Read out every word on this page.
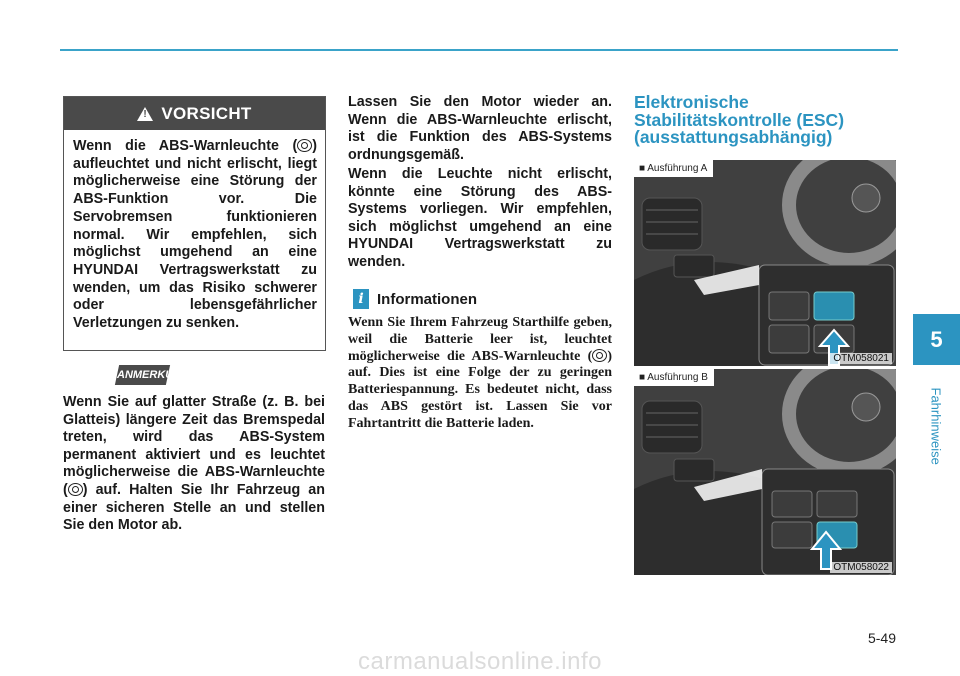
!
VORSICHT
Wenn die ABS-Warnleuchte ( ) aufleuchtet und nicht erlischt, liegt möglicherweise eine Störung der ABS-Funktion vor. Die Servobremsen funktionieren normal. Wir empfehlen, sich möglichst umgehend an eine HYUNDAI Vertragswerkstatt zu wenden, um das Risiko schwerer oder lebensgefährlicher Verletzungen zu senken.
ANMERKUNG
Wenn Sie auf glatter Straße (z. B. bei Glatteis) längere Zeit das Bremspedal treten, wird das ABS-System permanent aktiviert und es leuchtet möglicherweise die ABS-Warnleuchte ( ) auf. Halten Sie Ihr Fahrzeug an einer sicheren Stelle an und stellen Sie den Motor ab.

Lassen Sie den Motor wieder an. Wenn die ABS-Warnleuchte erlischt, ist die Funktion des ABS-Systems ordnungsgemäß.

Wenn die Leuchte nicht erlischt, könnte eine Störung des ABS-Systems vorliegen. Wir empfehlen, sich möglichst umgehend an eine HYUNDAI Vertragswerkstatt zu wenden.

i Informationen
Wenn Sie Ihrem Fahrzeug Starthilfe geben, weil die Batterie leer ist, leuchtet möglicherweise die ABS-Warnleuchte ( ) auf. Dies ist eine Folge der zu geringen Batteriespannung. Es bedeutet nicht, dass das ABS gestört ist. Lassen Sie vor Fahrtantritt die Batterie laden.
Elektronische
Stabilitätskontrolle (ESC)
(ausstattungsabhängig)
■ Ausführung A
OTM058021
■ Ausführung B
OTM058022
5
Fahrhinweise
5-49
carmanualsonline.info
